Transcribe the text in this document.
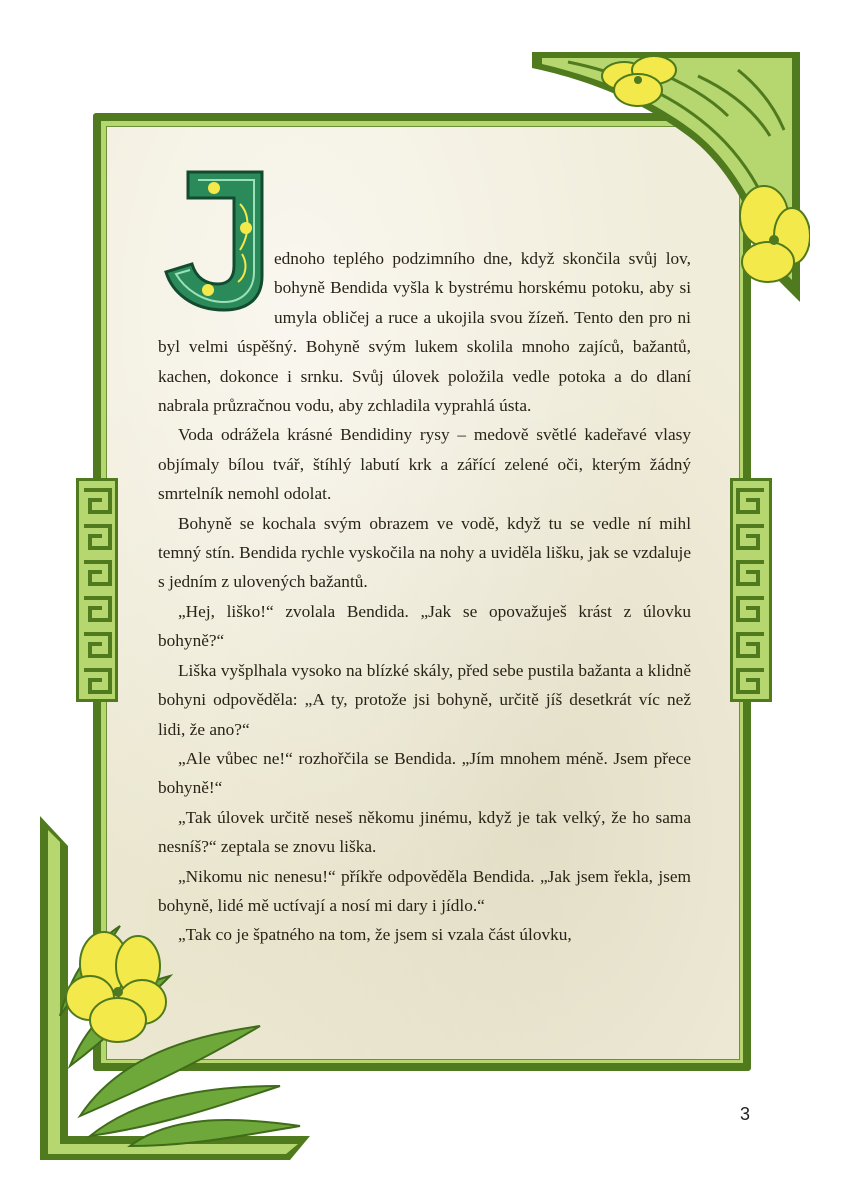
ednoho teplého podzimního dne, když skončila svůj lov, bohyně Bendida vyšla k bystrému horskému potoku, aby si umyla obličej a ruce a ukojila svou žízeň. Tento den pro ni byl velmi úspěšný. Bohyně svým lukem skolila mnoho zajíců, bažantů, kachen, dokonce i srnku. Svůj úlovek položila vedle potoka a do dlaní nabrala průzračnou vodu, aby zchladila vyprahlá ústa.

Voda odrážela krásné Bendidiny rysy – medově světlé kadeřavé vlasy objímaly bílou tvář, štíhlý labutí krk a zářící zelené oči, kterým žádný smrtelník nemohl odolat.

Bohyně se kochala svým obrazem ve vodě, když tu se vedle ní mihl temný stín. Bendida rychle vyskočila na nohy a uviděla lišku, jak se vzdaluje s jedním z ulovených bažantů.

„Hej, liško!“ zvolala Bendida. „Jak se opovažuješ krást z úlovku bohyně?“

Liška vyšplhala vysoko na blízké skály, před sebe pustila bažanta a klidně bohyni odpověděla: „A ty, protože jsi bohyně, určitě jíš desetkrát víc než lidi, že ano?“

„Ale vůbec ne!“ rozhořčila se Bendida. „Jím mnohem méně. Jsem přece bohyně!“

„Tak úlovek určitě neseš někomu jinému, když je tak velký, že ho sama nesníš?“ zeptala se znovu liška.

„Nikomu nic nenesu!“ příkře odpověděla Bendida. „Jak jsem řekla, jsem bohyně, lidé mě uctívají a nosí mi dary i jídlo.“

„Tak co je špatného na tom, že jsem si vzala část úlovku,

3
